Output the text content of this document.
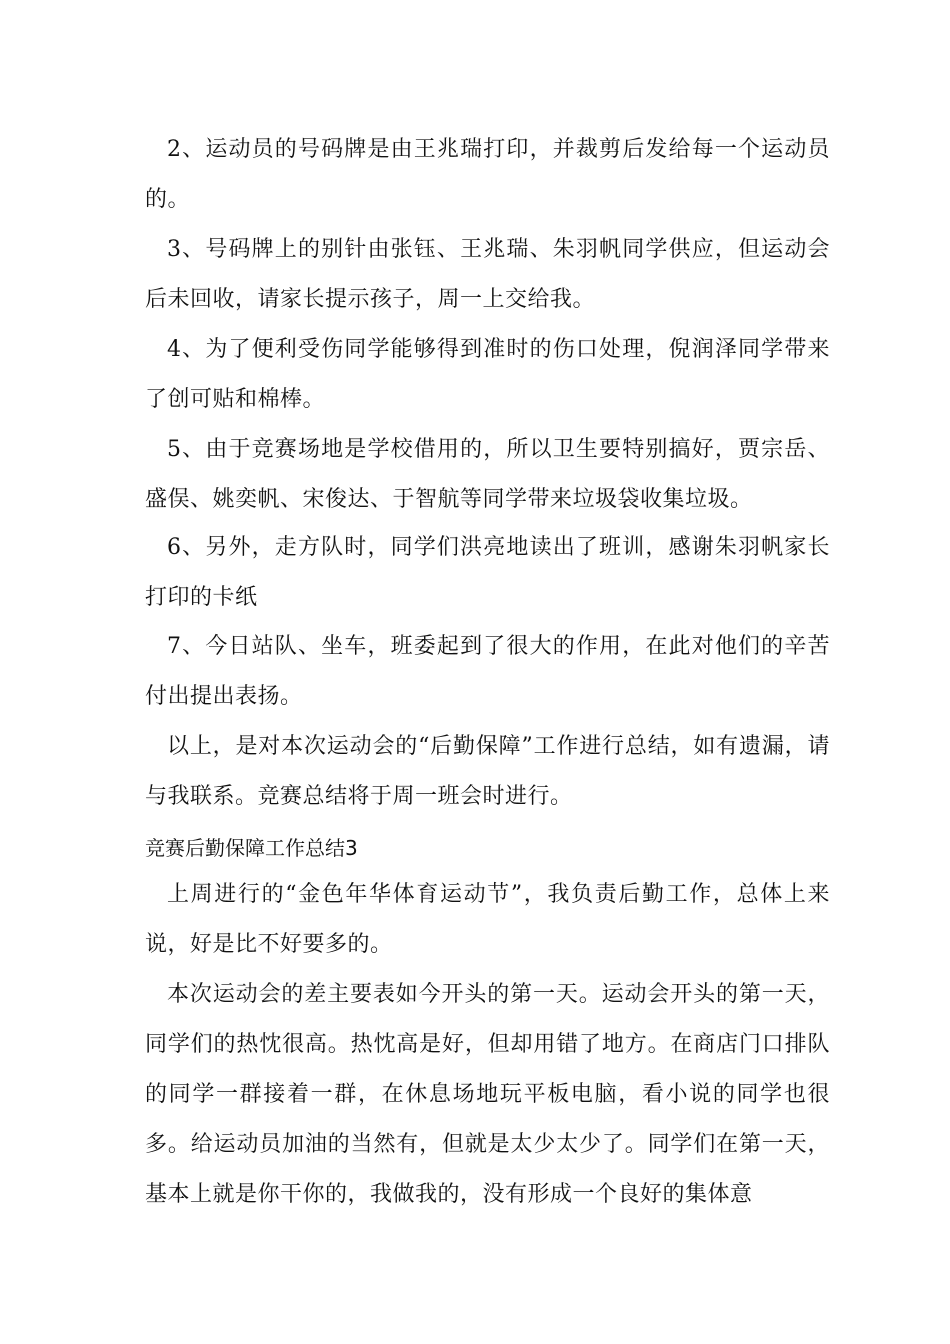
2、运动员的号码牌是由王兆瑞打印，并裁剪后发给每一个运动员的。

3、号码牌上的别针由张钰、王兆瑞、朱羽帆同学供应，但运动会后未回收，请家长提示孩子，周一上交给我。

4、为了便利受伤同学能够得到准时的伤口处理，倪润泽同学带来了创可贴和棉棒。

5、由于竞赛场地是学校借用的，所以卫生要特别搞好，贾宗岳、盛俣、姚奕帆、宋俊达、于智航等同学带来垃圾袋收集垃圾。

6、另外，走方队时，同学们洪亮地读出了班训，感谢朱羽帆家长打印的卡纸

7、今日站队、坐车，班委起到了很大的作用，在此对他们的辛苦付出提出表扬。

以上，是对本次运动会的“后勤保障”工作进行总结，如有遗漏，请与我联系。竞赛总结将于周一班会时进行。

竞赛后勤保障工作总结3

上周进行的“金色年华体育运动节”，我负责后勤工作，总体上来说，好是比不好要多的。

本次运动会的差主要表如今开头的第一天。运动会开头的第一天，同学们的热忱很高。热忱高是好，但却用错了地方。在商店门口排队的同学一群接着一群，在休息场地玩平板电脑，看小说的同学也很多。给运动员加油的当然有，但就是太少太少了。同学们在第一天，基本上就是你干你的，我做我的，没有形成一个良好的集体意
